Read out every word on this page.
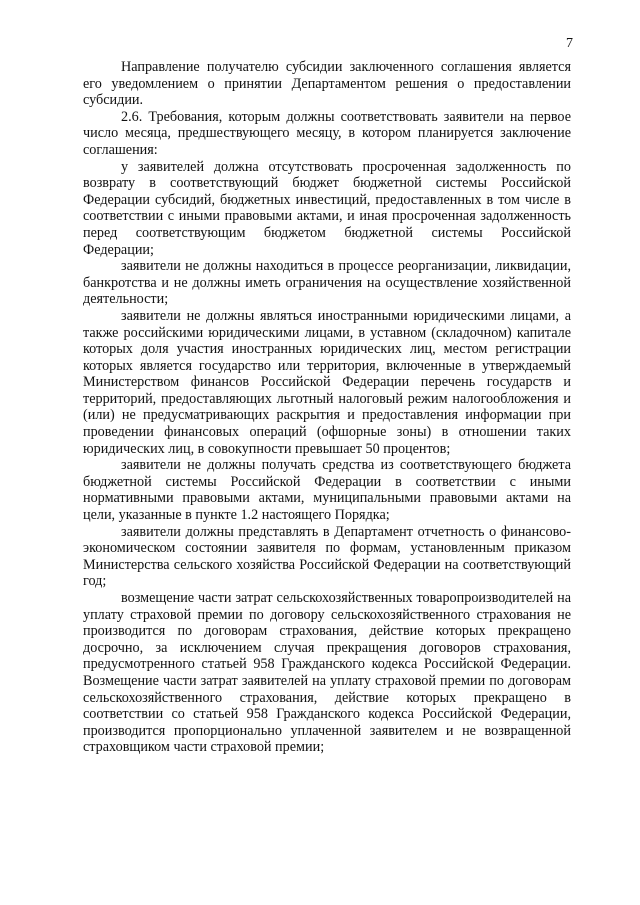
7

Направление получателю субсидии заключенного соглашения является его уведомлением о принятии Департаментом решения о предоставлении субсидии.

2.6. Требования, которым должны соответствовать заявители на первое число месяца, предшествующего месяцу, в котором планируется заключение соглашения:

у заявителей должна отсутствовать просроченная задолженность по возврату в соответствующий бюджет бюджетной системы Российской Федерации субсидий, бюджетных инвестиций, предоставленных в том числе в соответствии с иными правовыми актами, и иная просроченная задолженность перед соответствующим бюджетом бюджетной системы Российской Федерации;

заявители не должны находиться в процессе реорганизации, ликвидации, банкротства и не должны иметь ограничения на осуществление хозяйственной деятельности;

заявители не должны являться иностранными юридическими лицами, а также российскими юридическими лицами, в уставном (складочном) капитале которых доля участия иностранных юридических лиц, местом регистрации которых является государство или территория, включенные в утверждаемый Министерством финансов Российской Федерации перечень государств и территорий, предоставляющих льготный налоговый режим налогообложения и (или) не предусматривающих раскрытия и предоставления информации при проведении финансовых операций (офшорные зоны) в отношении таких юридических лиц, в совокупности превышает 50 процентов;

заявители не должны получать средства из соответствующего бюджета бюджетной системы Российской Федерации в соответствии с иными нормативными правовыми актами, муниципальными правовыми актами на цели, указанные в пункте 1.2 настоящего Порядка;

заявители должны представлять в Департамент отчетность о финансово-экономическом состоянии заявителя по формам, установленным приказом Министерства сельского хозяйства Российской Федерации на соответствующий год;

возмещение части затрат сельскохозяйственных товаропроизводителей на уплату страховой премии по договору сельскохозяйственного страхования не производится по договорам страхования, действие которых прекращено досрочно, за исключением случая прекращения договоров страхования, предусмотренного статьей 958 Гражданского кодекса Российской Федерации. Возмещение части затрат заявителей на уплату страховой премии по договорам сельскохозяйственного страхования, действие которых прекращено в соответствии со статьей 958 Гражданского кодекса Российской Федерации, производится пропорционально уплаченной заявителем и не возвращенной страховщиком части страховой премии;
